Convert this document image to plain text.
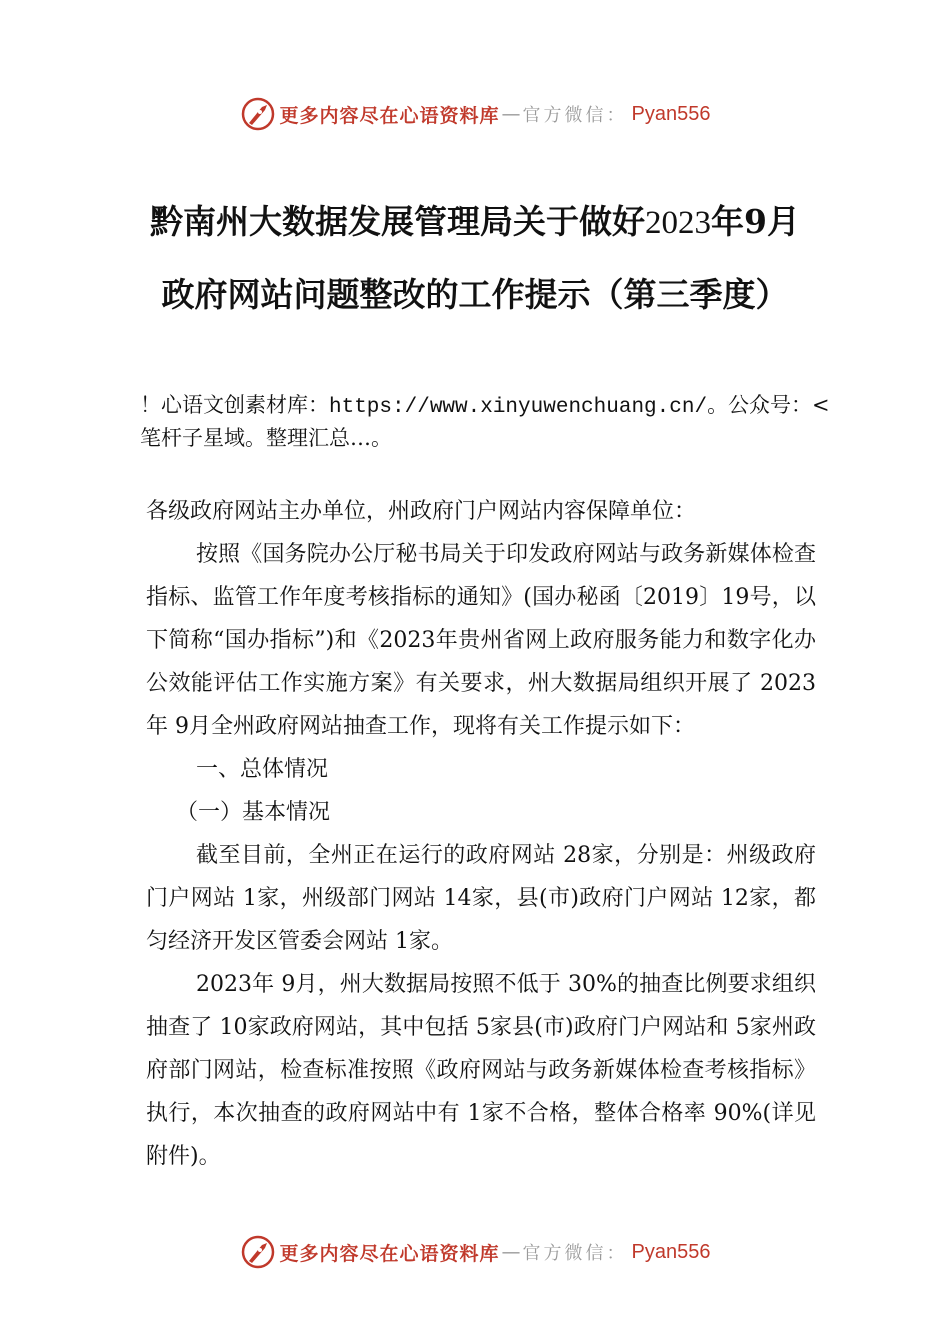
更多内容尽在心语资料库 — 官方微信： Pyan556
黔南州大数据发展管理局关于做好2023年9月政府网站问题整改的工作提示（第三季度）
！心语文创素材库：https://www.xinyuwenchuang.cn/。公众号：<笔杆子星域。整理汇总…。

各级政府网站主办单位，州政府门户网站内容保障单位：

按照《国务院办公厅秘书局关于印发政府网站与政务新媒体检查指标、监管工作年度考核指标的通知》(国办秘函〔2019〕19号，以下简称“国办指标”)和《2023年贵州省网上政府服务能力和数字化办公效能评估工作实施方案》有关要求，州大数据局组织开展了 2023年 9月全州政府网站抽查工作，现将有关工作提示如下：

一、总体情况

（一）基本情况

截至目前，全州正在运行的政府网站 28家，分别是：州级政府门户网站 1家，州级部门网站 14家，县(市)政府门户网站 12家，都匀经济开发区管委会网站 1家。

2023年 9月，州大数据局按照不低于 30%的抽查比例要求组织抽查了 10家政府网站，其中包括 5家县(市)政府门户网站和 5家州政府部门网站，检查标准按照《政府网站与政务新媒体检查考核指标》执行，本次抽查的政府网站中有 1家不合格，整体合格率 90%(详见附件)。

更多内容尽在心语资料库 — 官方微信： Pyan556
